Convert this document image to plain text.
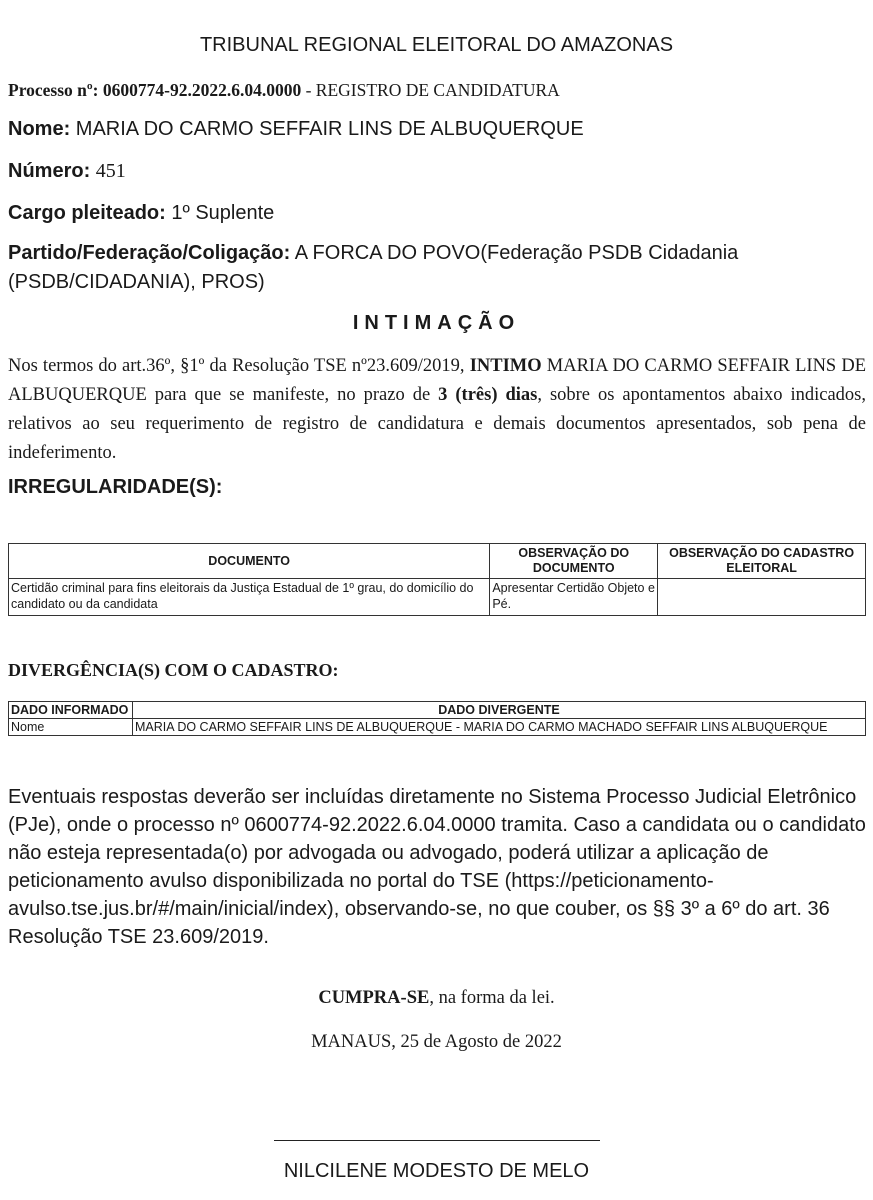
TRIBUNAL REGIONAL ELEITORAL DO AMAZONAS
Processo nº: 0600774-92.2022.6.04.0000 - REGISTRO DE CANDIDATURA
Nome: MARIA DO CARMO SEFFAIR LINS DE ALBUQUERQUE
Número: 451
Cargo pleiteado: 1º Suplente
Partido/Federação/Coligação: A FORCA DO POVO(Federação PSDB Cidadania (PSDB/CIDADANIA), PROS)
INTIMAÇÃO
Nos termos do art.36º, §1º da Resolução TSE nº23.609/2019, INTIMO MARIA DO CARMO SEFFAIR LINS DE ALBUQUERQUE para que se manifeste, no prazo de 3 (três) dias, sobre os apontamentos abaixo indicados, relativos ao seu requerimento de registro de candidatura e demais documentos apresentados, sob pena de indeferimento.
IRREGULARIDADE(S):
DOCUMENTO	OBSERVAÇÃO DO DOCUMENTO	OBSERVAÇÃO DO CADASTRO ELEITORAL
Certidão criminal para fins eleitorais da Justiça Estadual de 1º grau, do domicílio do candidato ou da candidata	Apresentar Certidão Objeto e Pé.	
DIVERGÊNCIA(S) COM O CADASTRO:
DADO INFORMADO	DADO DIVERGENTE
Nome	MARIA DO CARMO SEFFAIR LINS DE ALBUQUERQUE - MARIA DO CARMO MACHADO SEFFAIR LINS ALBUQUERQUE
Eventuais respostas deverão ser incluídas diretamente no Sistema Processo Judicial Eletrônico (PJe), onde o processo nº 0600774-92.2022.6.04.0000 tramita. Caso a candidata ou o candidato não esteja representada(o) por advogada ou advogado, poderá utilizar a aplicação de peticionamento avulso disponibilizada no portal do TSE (https://peticionamento-avulso.tse.jus.br/#/main/inicial/index), observando-se, no que couber, os §§ 3º a 6º do art. 36 Resolução TSE 23.609/2019.
CUMPRA-SE, na forma da lei.
MANAUS, 25 de Agosto de 2022
NILCILENE MODESTO DE MELO
